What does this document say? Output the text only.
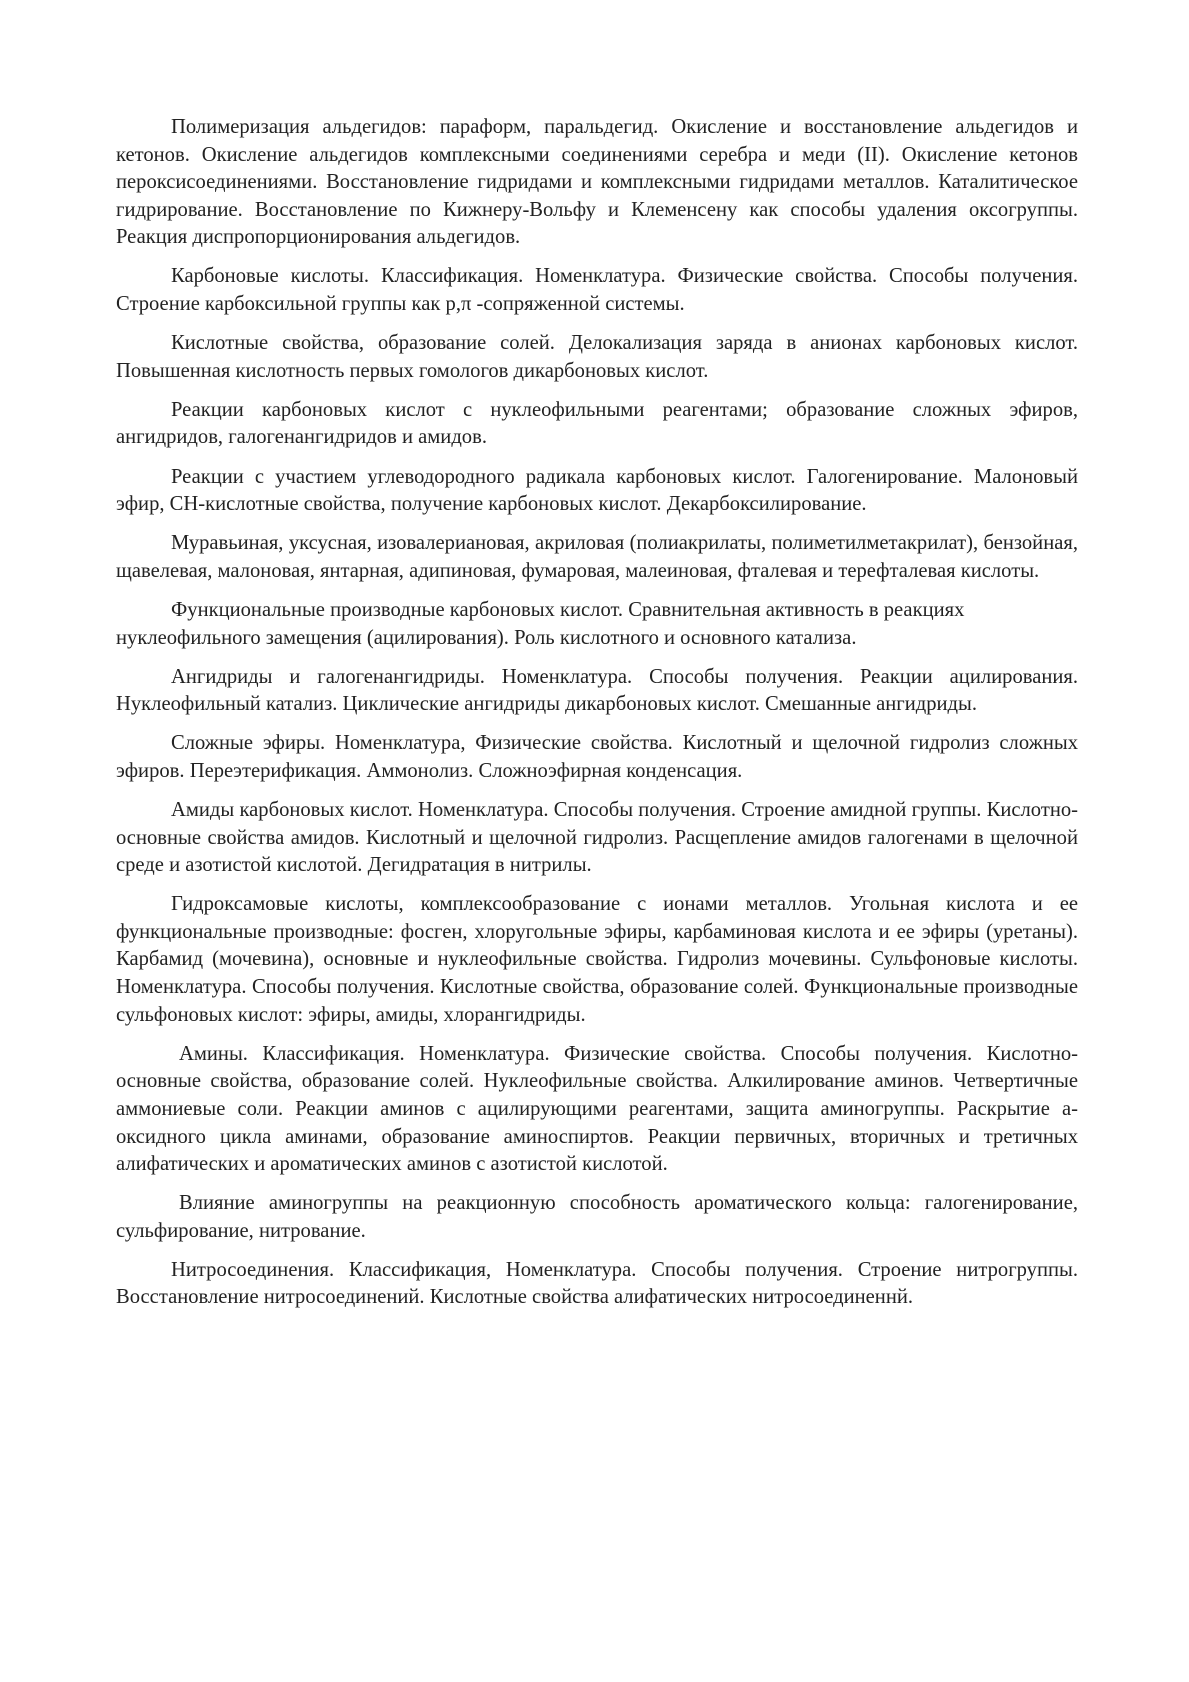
Полимеризация альдегидов: параформ, паральдегид. Окисление и восстановление альдегидов и кетонов. Окисление альдегидов комплексными соединениями серебра и меди (II). Окисление кетонов пероксисоединениями. Восстановление гидридами и комплексными гидридами металлов. Каталитическое гидрирование. Восстановление по Кижнеру-Вольфу и Клеменсену как способы удаления оксогруппы. Реакция диспропорционирования альдегидов.

Карбоновые кислоты. Классификация. Номенклатура. Физические свойства. Способы получения. Строение карбоксильной группы как p,π -сопряженной системы.

Кислотные свойства, образование солей. Делокализация заряда в анионах карбоновых кислот. Повышенная кислотность первых гомологов дикарбоновых кислот.

Реакции карбоновых кислот с нуклеофильными реагентами; образование сложных эфиров, ангидридов, галогенангидридов и амидов.

Реакции с участием углеводородного радикала карбоновых кислот. Галогенирование. Малоновый эфир, CH-кислотные свойства, получение карбоновых кислот. Декарбоксилирование.

Муравьиная, уксусная, изовалериановая, акриловая (полиакрилаты, полиметилметакрилат), бензойная, щавелевая, малоновая, янтарная, адипиновая, фумаровая, малеиновая, фталевая и терефталевая кислоты.

Функциональные производные карбоновых кислот. Сравнительная активность в реакциях нуклеофильного замещения (ацилирования). Роль кислотного и основного катализа.

Ангидриды и галогенангидриды. Номенклатура. Способы получения. Реакции ацилирования. Нуклеофильный катализ. Циклические ангидриды дикарбоновых кислот. Смешанные ангидриды.

Сложные эфиры. Номенклатура, Физические свойства. Кислотный и щелочной гидролиз сложных эфиров. Переэтерификация. Аммонолиз. Сложноэфирная конденсация.

Амиды карбоновых кислот. Номенклатура. Способы получения. Строение амидной группы. Кислотно-основные свойства амидов. Кислотный и щелочной гидролиз. Расщепление амидов галогенами в щелочной среде и азотистой кислотой. Дегидратация в нитрилы.

Гидроксамовые кислоты, комплексообразование с ионами металлов. Угольная кислота и ее функциональные производные: фосген, хлоругольные эфиры, карбаминовая кислота и ее эфиры (уретаны). Карбамид (мочевина), основные и нуклеофильные свойства. Гидролиз мочевины. Сульфоновые кислоты. Номенклатура. Способы получения. Кислотные свойства, образование солей. Функциональные производные сульфоновых кислот: эфиры, амиды, хлорангидриды.

Амины. Классификация. Номенклатура. Физические свойства. Способы получения. Кислотно-основные свойства, образование солей. Нуклеофильные свойства. Алкилирование аминов. Четвертичные аммониевые соли. Реакции аминов с ацилирующими реагентами, защита аминогруппы. Раскрытие а-оксидного цикла аминами, образование аминоспиртов. Реакции первичных, вторичных и третичных алифатических и ароматических аминов с азотистой кислотой.

Влияние аминогруппы на реакционную способность ароматического кольца: галогенирование, сульфирование, нитрование.

Нитросоединения. Классификация, Номенклатура. Способы получения. Строение нитрогруппы. Восстановление нитросоединений. Кислотные свойства алифатических нитросоединеннй.
